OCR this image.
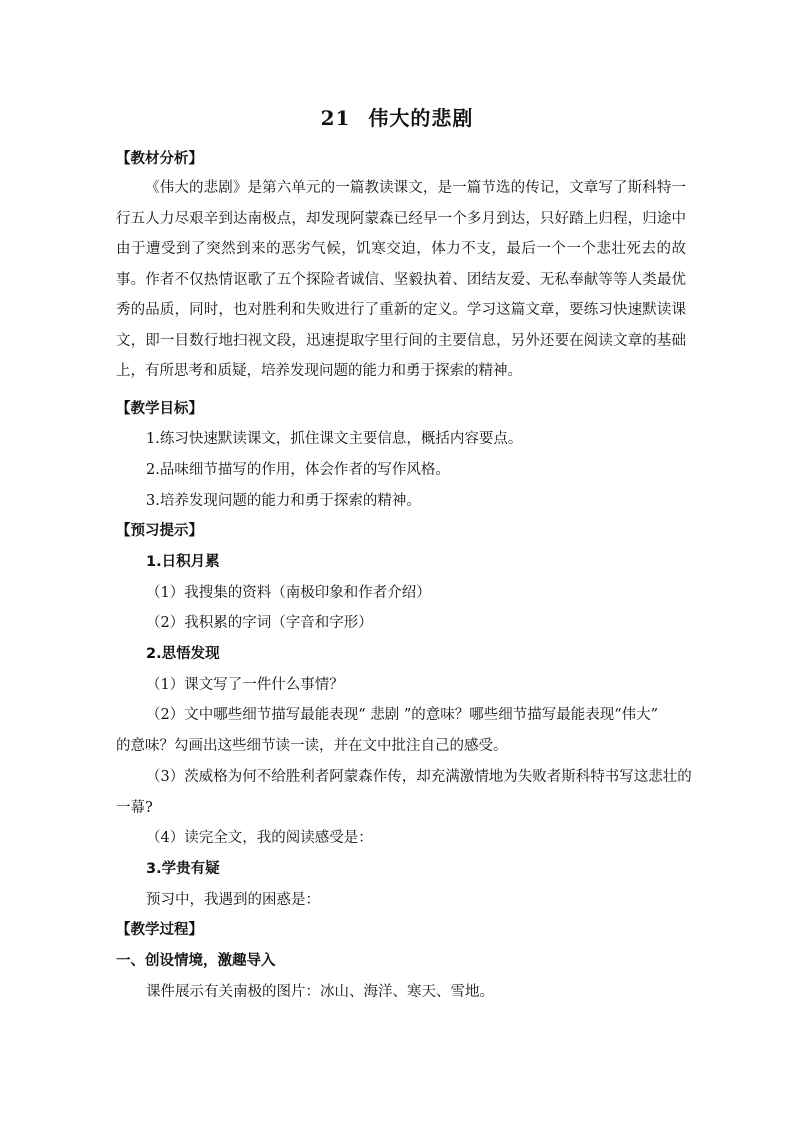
21 伟大的悲剧
【教材分析】

《伟大的悲剧》是第六单元的一篇教读课文，是一篇节选的传记，文章写了斯科特一行五人力尽艰辛到达南极点，却发现阿蒙森已经早一个多月到达，只好踏上归程，归途中由于遭受到了突然到来的恶劣气候，饥寒交迫，体力不支，最后一个一个悲壮死去的故事。作者不仅热情讴歌了五个探险者诚信、坚毅执着、团结友爱、无私奉献等等人类最优秀的品质，同时，也对胜利和失败进行了重新的定义。学习这篇文章，要练习快速默读课文，即一目数行地扫视文段，迅速提取字里行间的主要信息，另外还要在阅读文章的基础上，有所思考和质疑，培养发现问题的能力和勇于探索的精神。

【教学目标】
1.练习快速默读课文，抓住课文主要信息，概括内容要点。
2.品味细节描写的作用，体会作者的写作风格。
3.培养发现问题的能力和勇于探索的精神。
【预习提示】
1.日积月累
（1）我搜集的资料（南极印象和作者介绍）
（2）我积累的字词（字音和字形）
2.思悟发现
（1）课文写了一件什么事情？
（2）文中哪些细节描写最能表现“ 悲剧 ”的意味？哪些细节描写最能表现“伟大”
的意味？勾画出这些细节读一读，并在文中批注自己的感受。
（3）茨威格为何不给胜利者阿蒙森作传，却充满激情地为失败者斯科特书写这悲壮的
一幕?
（4）读完全文，我的阅读感受是：
3.学贵有疑
预习中，我遇到的困惑是：
【教学过程】
一、创设情境，激趣导入
课件展示有关南极的图片：冰山、海洋、寒天、雪地。
